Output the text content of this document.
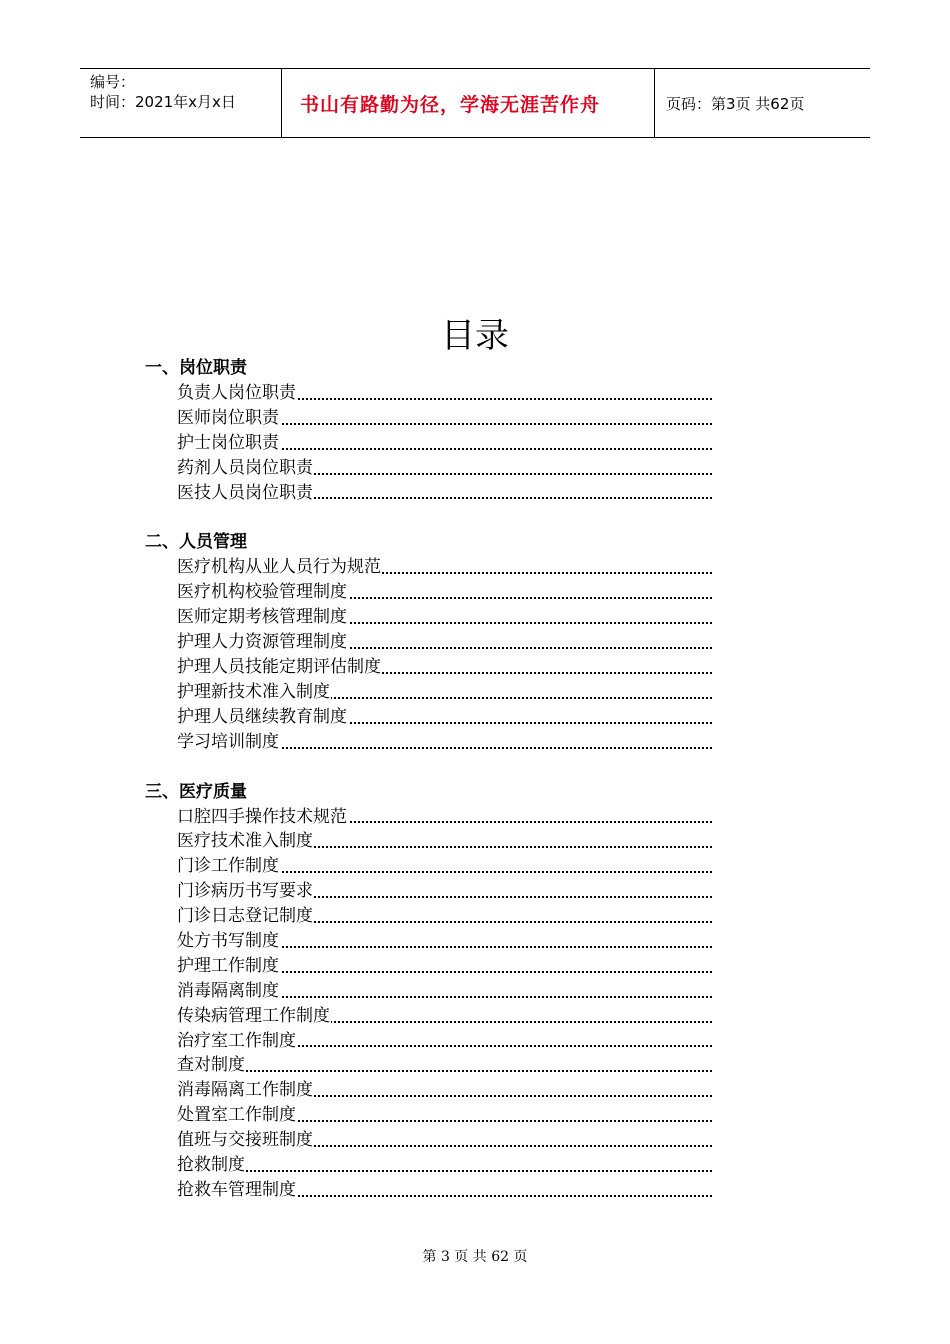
编号：
时间：2021年x月x日	书山有路勤为径，学海无涯苦作舟	页码：第3页 共62页
目录
一、岗位职责
负责人岗位职责
医师岗位职责
护士岗位职责
药剂人员岗位职责
医技人员岗位职责
二、人员管理
医疗机构从业人员行为规范
医疗机构校验管理制度
医师定期考核管理制度
护理人力资源管理制度
护理人员技能定期评估制度
护理新技术准入制度
护理人员继续教育制度
学习培训制度
三、医疗质量
口腔四手操作技术规范
医疗技术准入制度
门诊工作制度
门诊病历书写要求
门诊日志登记制度
处方书写制度
护理工作制度
消毒隔离制度
传染病管理工作制度
治疗室工作制度
查对制度
消毒隔离工作制度
处置室工作制度
值班与交接班制度
抢救制度
抢救车管理制度
第 3 页 共 62 页
